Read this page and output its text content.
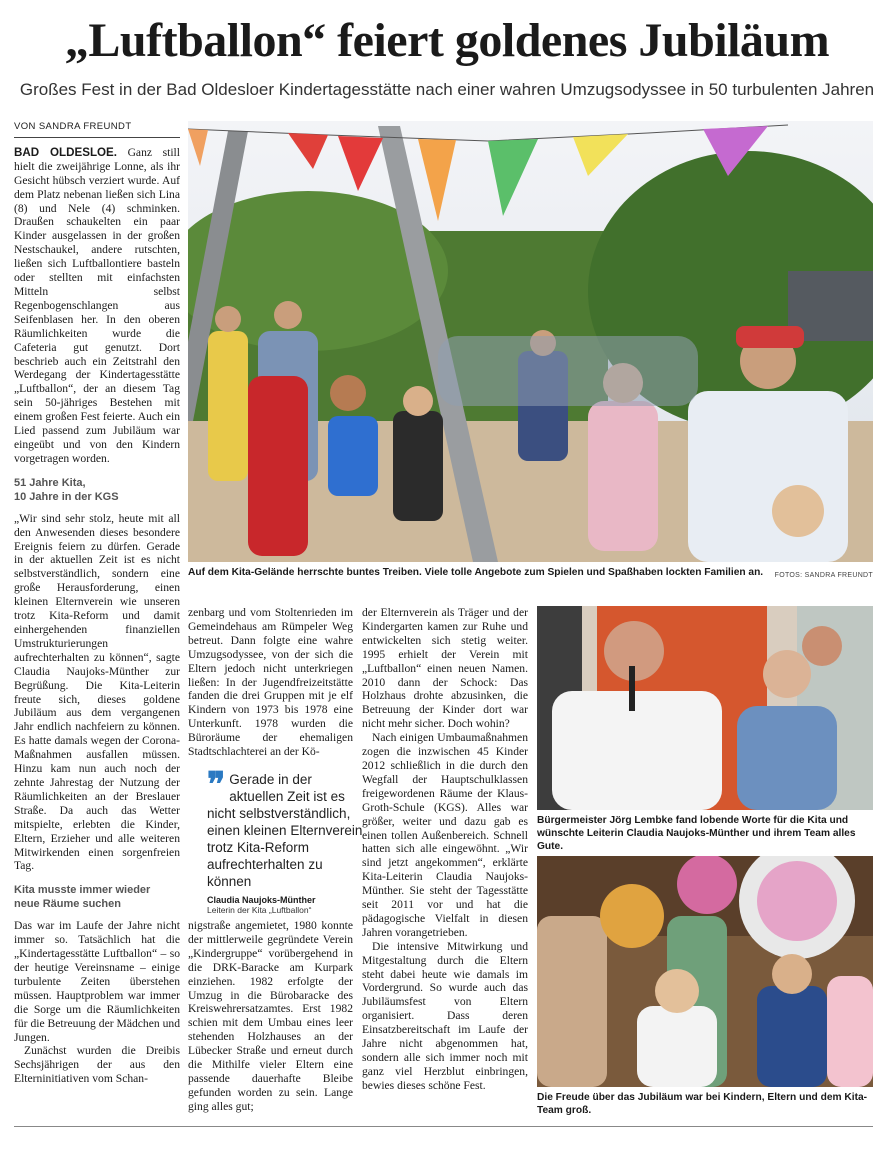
„Luftballon“ feiert goldenes Jubiläum
Großes Fest in der Bad Oldesloer Kindertagesstätte nach einer wahren Umzugsodyssee in 50 turbulenten Jahren
VON SANDRA FREUNDT

BAD OLDESLOE. Ganz still hielt die zweijährige Lonne, als ihr Gesicht hübsch verziert wurde. Auf dem Platz nebenan ließen sich Lina (8) und Nele (4) schminken. Draußen schaukelten ein paar Kinder ausgelassen in der großen Nestschaukel, andere rutschten, ließen sich Luftballontiere basteln oder stellten mit einfachsten Mitteln selbst Regenbogenschlangen aus Seifenblasen her. In den oberen Räumlichkeiten wurde die Cafeteria gut genutzt. Dort beschrieb auch ein Zeitstrahl den Werdegang der Kindertagesstätte „Luftballon“, der an diesem Tag sein 50-jähriges Bestehen mit einem großen Fest feierte. Auch ein Lied passend zum Jubiläum war eingeübt und von den Kindern vorgetragen worden.

51 Jahre Kita,
10 Jahre in der KGS

„Wir sind sehr stolz, heute mit all den Anwesenden dieses besondere Ereignis feiern zu dürfen. Gerade in der aktuellen Zeit ist es nicht selbstverständlich, sondern eine große Herausforderung, einen kleinen Elternverein wie unseren trotz Kita-Reform und damit einhergehenden finanziellen Umstrukturierungen aufrechterhalten zu können“, sagte Claudia Naujoks-Münther zur Begrüßung. Die Kita-Leiterin freute sich, dieses goldene Jubiläum aus dem vergangenen Jahr endlich nachfeiern zu können. Es hatte damals wegen der Corona-Maßnahmen ausfallen müssen. Hinzu kam nun auch noch der zehnte Jahrestag der Nutzung der Räumlichkeiten an der Breslauer Straße. Da auch das Wetter mitspielte, erlebten die Kinder, Eltern, Erzieher und alle weiteren Mitwirkenden einen sorgenfreien Tag.

Kita musste immer wieder
neue Räume suchen

Das war im Laufe der Jahre nicht immer so. Tatsächlich hat die „Kindertagesstätte Luftballon“ – so der heutige Vereinsname – einige turbulente Zeiten überstehen müssen. Hauptproblem war immer die Sorge um die Räumlichkeiten für die Betreuung der Mädchen und Jungen.

Zunächst wurden die Dreibis Sechsjährigen der aus den Elterninitiativen vom Schan-

Auf dem Kita-Gelände herrschte buntes Treiben. Viele tolle Angebote zum Spielen und Spaßhaben lockten Familien an. FOTOS: SANDRA FREUNDT

zenbarg und vom Stoltenrieden im Gemeindehaus am Rümpeler Weg betreut. Dann folgte eine wahre Umzugsodyssee, von der sich die Eltern jedoch nicht unterkriegen ließen: In der Jugendfreizeitstätte fanden die drei Gruppen mit je elf Kindern von 1973 bis 1978 eine Unterkunft. 1978 wurden die Büroräume der ehemaligen Stadtschlachterei an der Kö-

❞ Gerade in der aktuellen Zeit ist es nicht selbstverständlich, einen kleinen Elternverein trotz Kita-Reform aufrechterhalten zu können
Claudia Naujoks-Münther
Leiterin der Kita „Luftballon“

nigstraße angemietet, 1980 konnte der mittlerweile gegründete Verein „Kindergruppe“ vorübergehend in die DRK-Baracke am Kurpark einziehen. 1982 erfolgte der Umzug in die Bürobaracke des Kreiswehrersatzamtes. Erst 1982 schien mit dem Umbau eines leer stehenden Holzhauses an der Lübecker Straße und erneut durch die Mithilfe vieler Eltern eine passende dauerhafte Bleibe gefunden worden zu sein. Lange ging alles gut;

der Elternverein als Träger und der Kindergarten kamen zur Ruhe und entwickelten sich stetig weiter. 1995 erhielt der Verein mit „Luftballon“ einen neuen Namen. 2010 dann der Schock: Das Holzhaus drohte abzusinken, die Betreuung der Kinder dort war nicht mehr sicher. Doch wohin?

Nach einigen Umbaumaßnahmen zogen die inzwischen 45 Kinder 2012 schließlich in die durch den Wegfall der Hauptschulklassen freigewordenen Räume der Klaus-Groth-Schule (KGS). Alles war größer, weiter und dazu gab es einen tollen Außenbereich. Schnell hatten sich alle eingewöhnt. „Wir sind jetzt angekommen“, erklärte Kita-Leiterin Claudia Naujoks-Münther. Sie steht der Tagesstätte seit 2011 vor und hat die pädagogische Vielfalt in diesen Jahren vorangetrieben.

Die intensive Mitwirkung und Mitgestaltung durch die Eltern steht dabei heute wie damals im Vordergrund. So wurde auch das Jubiläumsfest von Eltern organisiert. Dass deren Einsatzbereitschaft im Laufe der Jahre nicht abgenommen hat, sondern alle sich immer noch mit ganz viel Herzblut einbringen, bewies dieses schöne Fest.

Bürgermeister Jörg Lembke fand lobende Worte für die Kita und wünschte Leiterin Claudia Naujoks-Münther und ihrem Team alles Gute.
Die Freude über das Jubiläum war bei Kindern, Eltern und dem Kita-Team groß.
